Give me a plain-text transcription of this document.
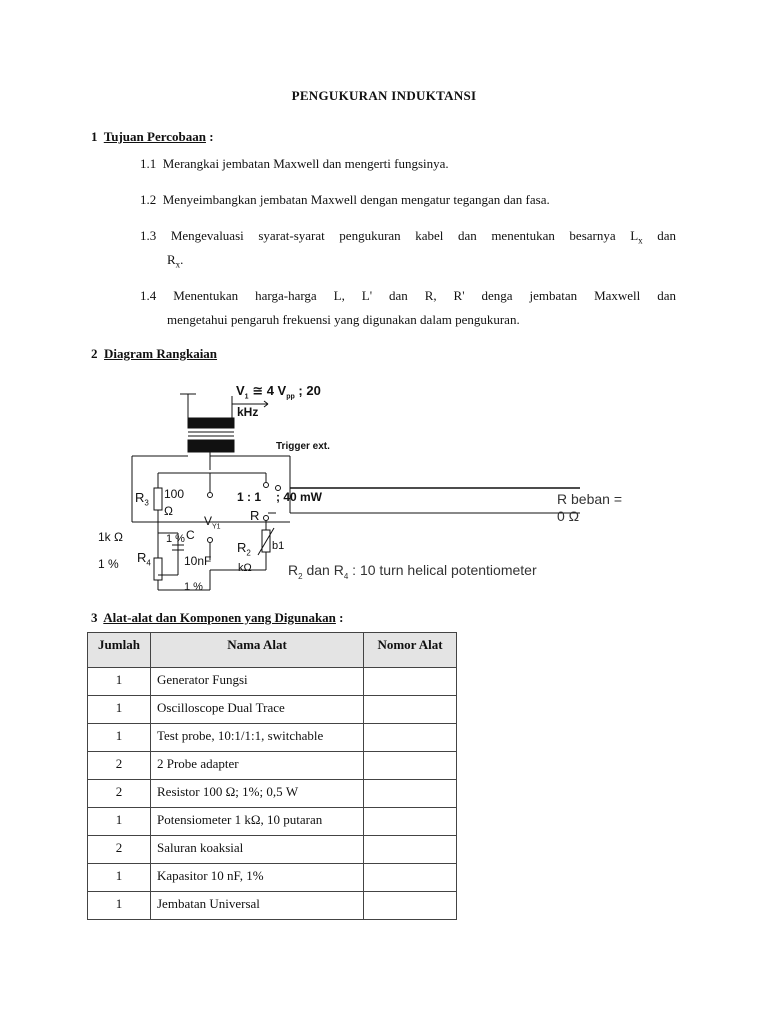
PENGUKURAN INDUKTANSI
1 Tujuan Percobaan :
1.1 Merangkai jembatan Maxwell dan mengerti fungsinya.
1.2 Menyeimbangkan jembatan Maxwell dengan mengatur tegangan dan fasa.
1.3 Mengevaluasi syarat-syarat pengukuran kabel dan menentukan besarnya $L_x$ dan
$R_x$.
1.4 Menentukan harga-harga L, L' dan R, R' denga jembatan Maxwell dan
mengetahui pengaruh frekuensi yang digunakan dalam pengukuran.
2 Diagram Rangkaian
$V_1$ ≅ 4 $V_{pp}$ ; 20
kHz
Trigger ext.
$R_3$
100
Ω
1 : 1 ; 40 mW	R beban =
0 Ω
$V_{Y1}$
R
1k Ω
1 % $R_4$
C
1 %
10nF
$R_2$
b1
kΩ
1 %
$R_2$ dan $R_4$ : 10 turn helical potentiometer
3 Alat-alat dan Komponen yang Digunakan :
Jumlah	Nama Alat	Nomor Alat
1	Generator Fungsi	
1	Oscilloscope Dual Trace	
1	Test probe, 10:1/1:1, switchable	
2	2 Probe adapter	
2	Resistor 100 Ω; 1%; 0,5 W	
1	Potensiometer 1 kΩ, 10 putaran	
2	Saluran koaksial	
1	Kapasitor 10 nF, 1%	
1	Jembatan Universal	
